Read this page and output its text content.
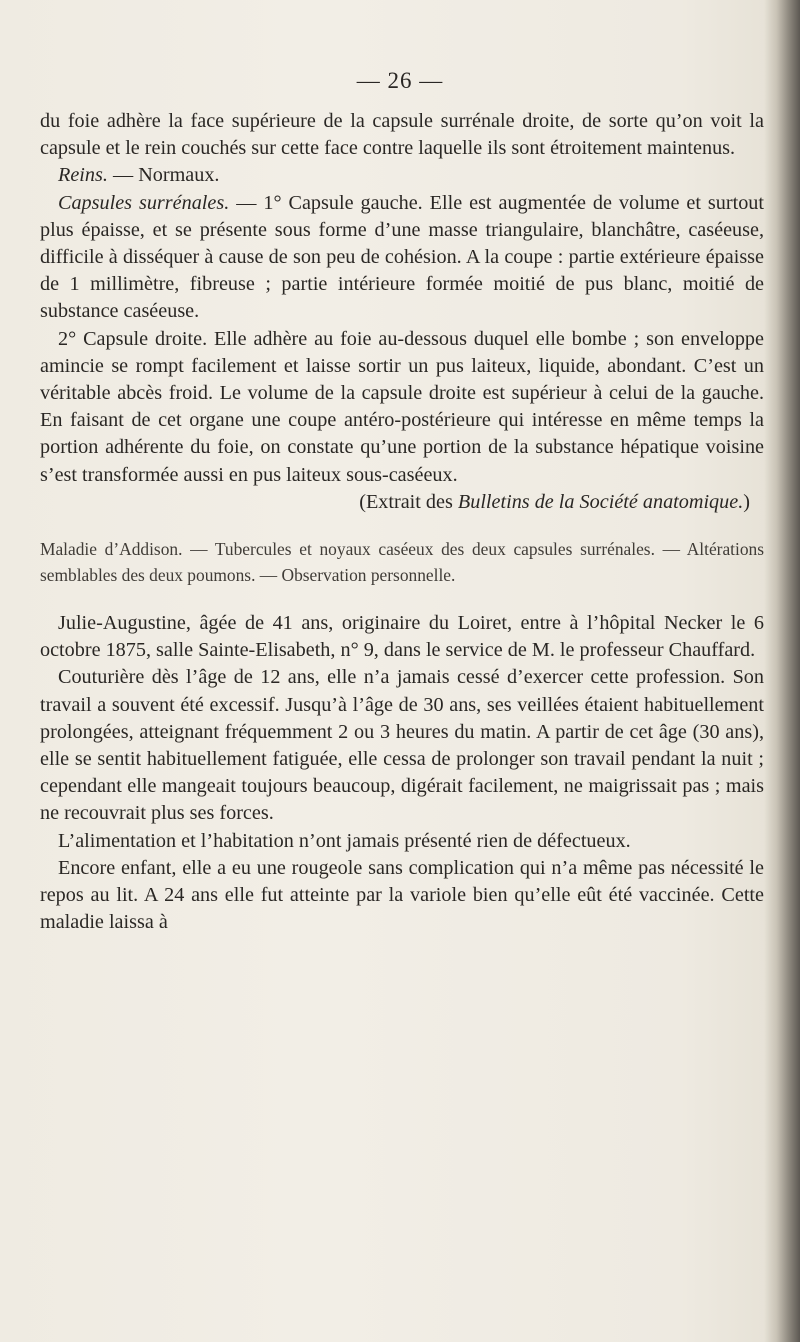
— 26 —

du foie adhère la face supérieure de la capsule surrénale droite, de sorte qu’on voit la capsule et le rein couchés sur cette face contre laquelle ils sont étroitement maintenus.

Reins. — Normaux.

Capsules surrénales. — 1° Capsule gauche. Elle est augmentée de volume et surtout plus épaisse, et se présente sous forme d’une masse triangulaire, blanchâtre, caséeuse, difficile à disséquer à cause de son peu de cohésion. A la coupe : partie extérieure épaisse de 1 millimètre, fibreuse ; partie intérieure formée moitié de pus blanc, moitié de substance caséeuse.

2° Capsule droite. Elle adhère au foie au-dessous duquel elle bombe ; son enveloppe amincie se rompt facilement et laisse sortir un pus laiteux, liquide, abondant. C’est un véritable abcès froid. Le volume de la capsule droite est supérieur à celui de la gauche. En faisant de cet organe une coupe antéro-postérieure qui intéresse en même temps la portion adhérente du foie, on constate qu’une portion de la substance hépatique voisine s’est transformée aussi en pus laiteux sous-caséeux.

(Extrait des Bulletins de la Société anatomique.)

Maladie d’Addison. — Tubercules et noyaux caséeux des deux capsules surrénales. — Altérations semblables des deux poumons. — Observation personnelle.

Julie-Augustine, âgée de 41 ans, originaire du Loiret, entre à l’hôpital Necker le 6 octobre 1875, salle Sainte-Elisabeth, n° 9, dans le service de M. le professeur Chauffard.

Couturière dès l’âge de 12 ans, elle n’a jamais cessé d’exercer cette profession. Son travail a souvent été excessif. Jusqu’à l’âge de 30 ans, ses veillées étaient habituellement prolongées, atteignant fréquemment 2 ou 3 heures du matin. A partir de cet âge (30 ans), elle se sentit habituellement fatiguée, elle cessa de prolonger son travail pendant la nuit ; cependant elle mangeait toujours beaucoup, digérait facilement, ne maigrissait pas ; mais ne recouvrait plus ses forces.

L’alimentation et l’habitation n’ont jamais présenté rien de défectueux.

Encore enfant, elle a eu une rougeole sans complication qui n’a même pas nécessité le repos au lit. A 24 ans elle fut atteinte par la variole bien qu’elle eût été vaccinée. Cette maladie laissa à
